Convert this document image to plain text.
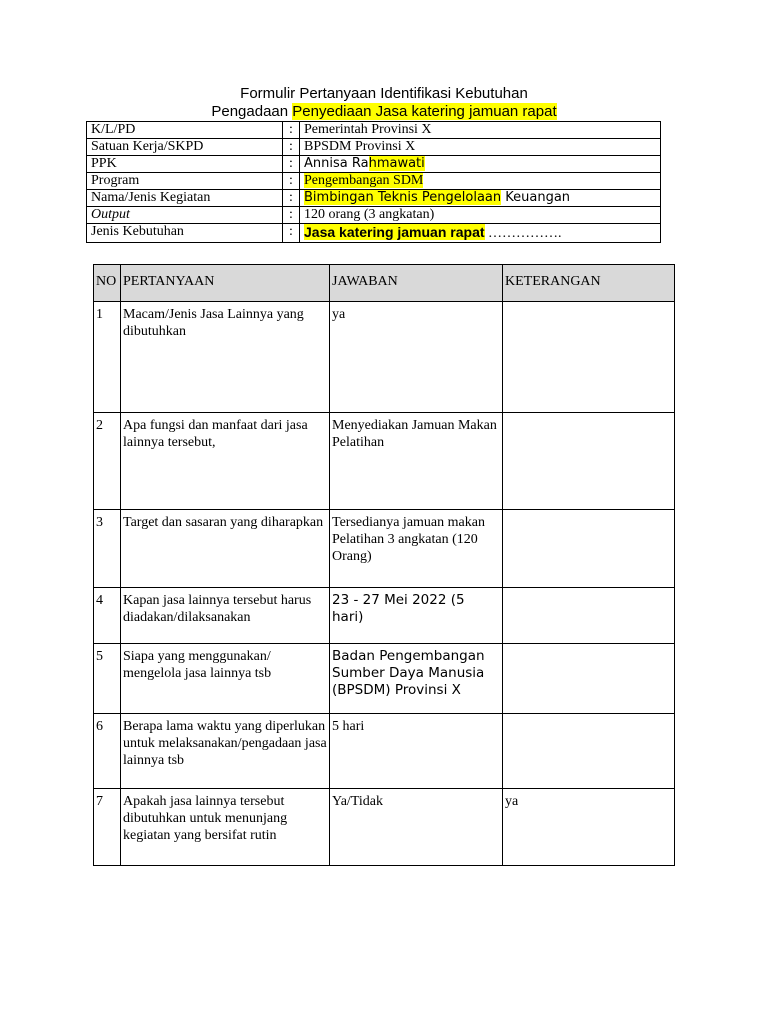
Formulir Pertanyaan Identifikasi Kebutuhan
Pengadaan Penyediaan Jasa katering jamuan rapat
K/L/PD	:	Pemerintah Provinsi X
Satuan Kerja/SKPD	:	BPSDM Provinsi X
PPK	:	Annisa Rahmawati
Program	:	Pengembangan SDM
Nama/Jenis Kegiatan	:	Bimbingan Teknis Pengelolaan Keuangan
Output	:	120 orang (3 angkatan)
Jenis Kebutuhan	:	Jasa katering jamuan rapat …………….
NO	PERTANYAAN	JAWABAN	KETERANGAN
1	Macam/Jenis Jasa Lainnya yang dibutuhkan	ya	
2	Apa fungsi dan manfaat dari jasa lainnya tersebut,	Menyediakan Jamuan Makan Pelatihan	
3	Target dan sasaran yang diharapkan	Tersedianya jamuan makan Pelatihan 3 angkatan (120 Orang)	
4	Kapan jasa lainnya tersebut harus diadakan/dilaksanakan	23 - 27 Mei 2022 (5 hari)	
5	Siapa yang menggunakan/ mengelola jasa lainnya tsb	Badan Pengembangan Sumber Daya Manusia (BPSDM) Provinsi X	
6	Berapa lama waktu yang diperlukan untuk melaksanakan/pengadaan jasa lainnya tsb	5 hari	
7	Apakah jasa lainnya tersebut dibutuhkan untuk menunjang kegiatan yang bersifat rutin	Ya/Tidak	ya
